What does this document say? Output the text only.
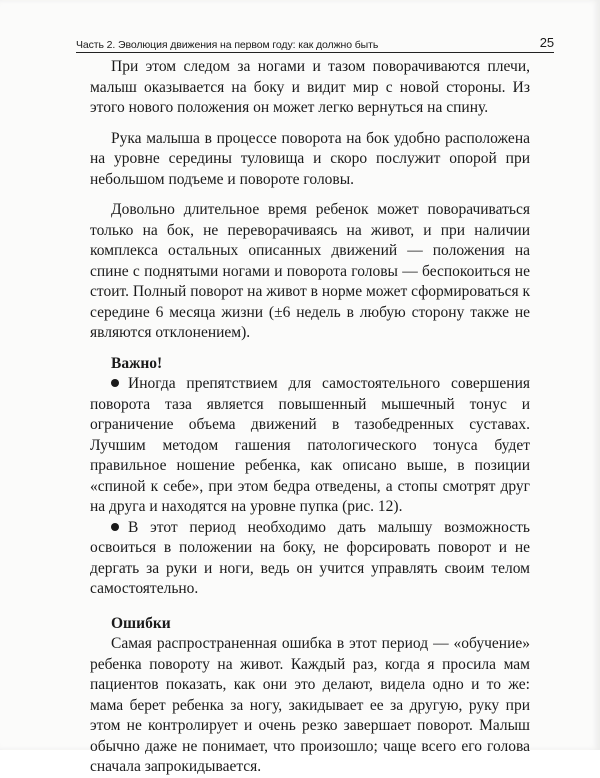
Часть 2. Эволюция движения на первом году: как должно быть	25

При этом следом за ногами и тазом поворачиваются плечи, малыш оказывается на боку и видит мир с новой стороны. Из этого нового положения он может легко вернуться на спину.

Рука малыша в процессе поворота на бок удобно расположена на уровне середины туловища и скоро послужит опорой при небольшом подъеме и повороте головы.

Довольно длительное время ребенок может поворачиваться только на бок, не переворачиваясь на живот, и при наличии комплекса остальных описанных движений — положения на спине с поднятыми ногами и поворота головы — беспокоиться не стоит. Полный поворот на живот в норме может сформироваться к середине 6 месяца жизни (±6 недель в любую сторону также не являются отклонением).

Важно!

Иногда препятствием для самостоятельного совершения поворота таза является повышенный мышечный тонус и ограничение объема движений в тазобедренных суставах. Лучшим методом гашения патологического тонуса будет правильное ношение ребенка, как описано выше, в позиции «спиной к себе», при этом бедра отведены, а стопы смотрят друг на друга и находятся на уровне пупка (рис. 12).

В этот период необходимо дать малышу возможность освоиться в положении на боку, не форсировать поворот и не дергать за руки и ноги, ведь он учится управлять своим телом самостоятельно.

Ошибки

Самая распространенная ошибка в этот период — «обучение» ребенка повороту на живот. Каждый раз, когда я просила мам пациентов показать, как они это делают, видела одно и то же: мама берет ребенка за ногу, закидывает ее за другую, руку при этом не контролирует и очень резко завершает поворот. Малыш обычно даже не понимает, что произошло; чаще всего его голова сначала запрокидывается.
